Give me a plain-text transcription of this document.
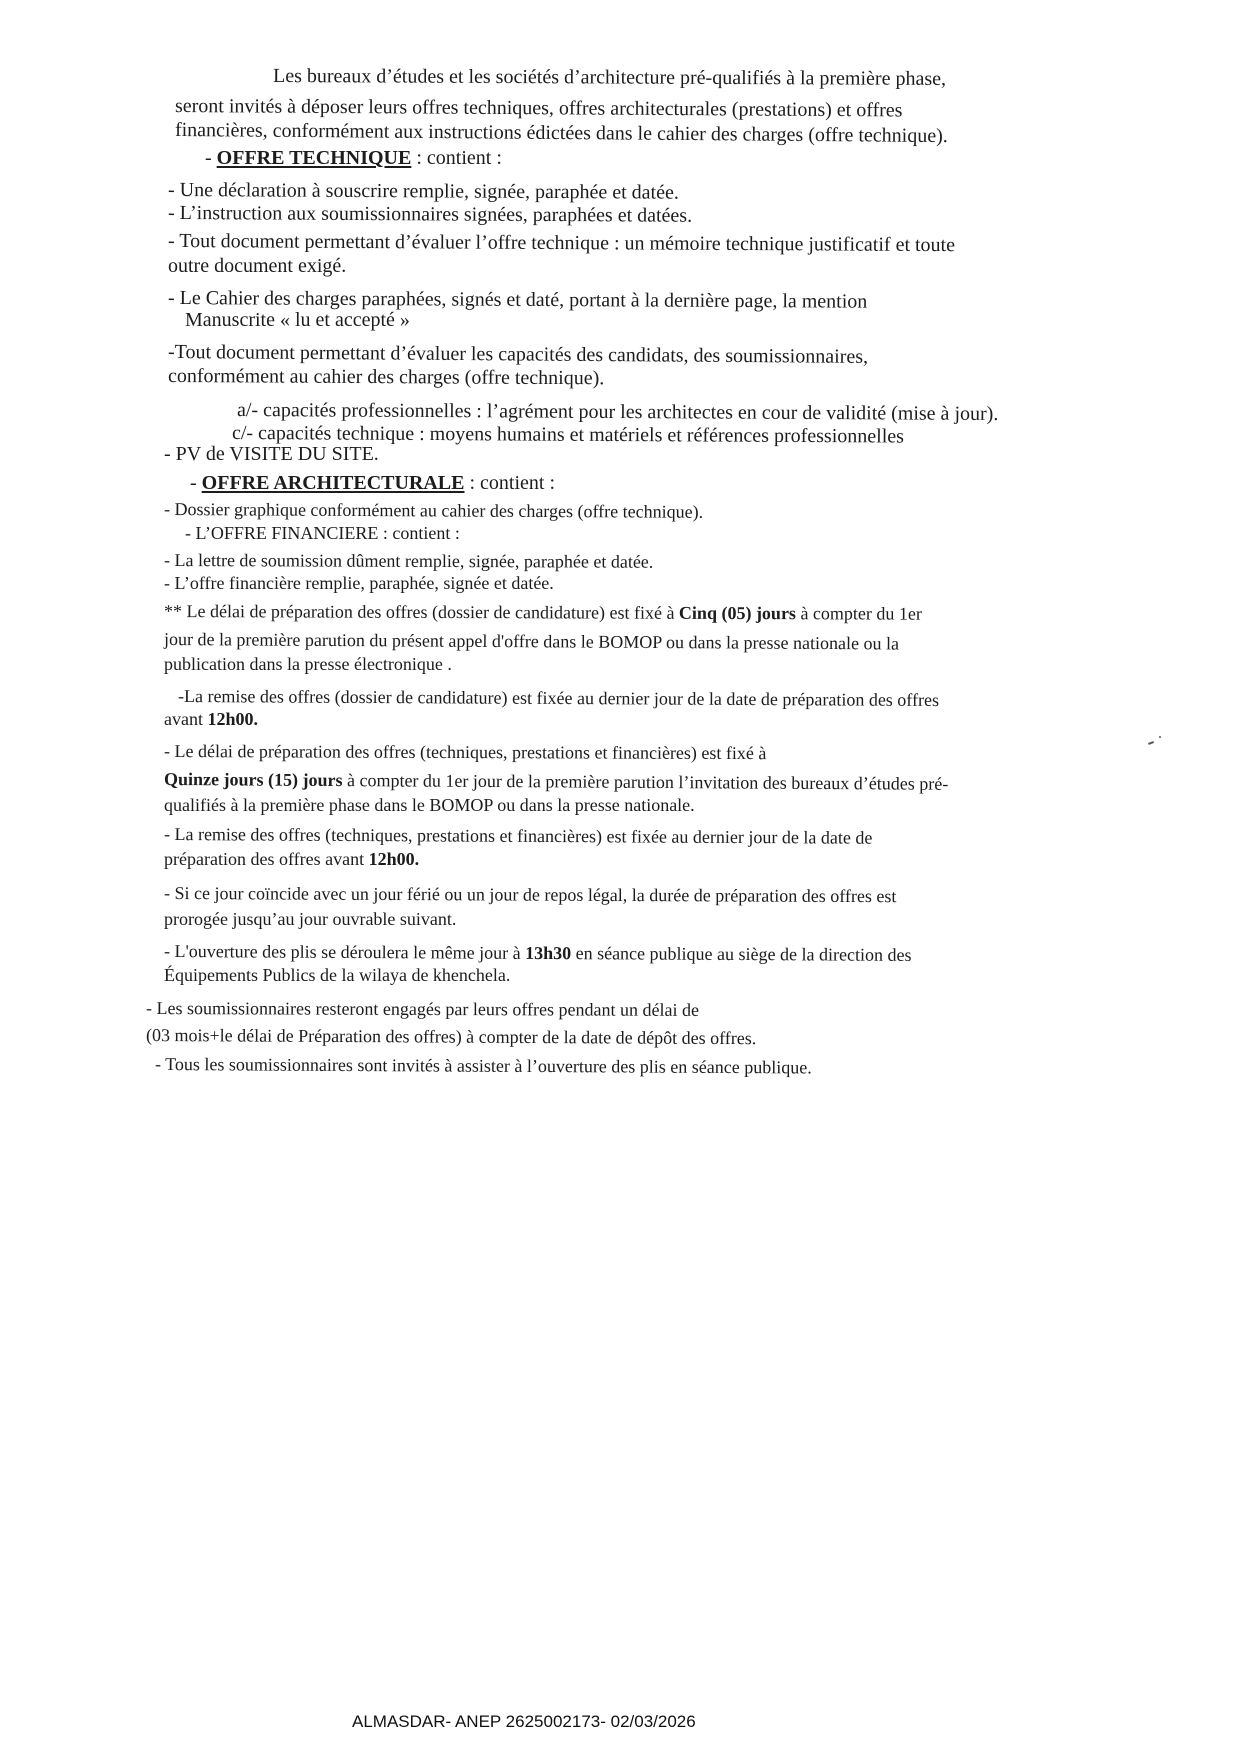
Les bureaux d’études et les sociétés d’architecture pré-qualifiés à la première phase,
seront invités à déposer leurs offres techniques, offres architecturales (prestations) et offres
financières, conformément aux instructions édictées dans le cahier des charges (offre technique).
- OFFRE TECHNIQUE : contient :
- Une déclaration à souscrire remplie, signée, paraphée et datée.
- L’instruction aux soumissionnaires signées, paraphées et datées.
- Tout document permettant d’évaluer l’offre technique : un mémoire technique justificatif et toute
outre document exigé.
- Le Cahier des charges paraphées, signés et daté, portant à la dernière page, la mention
Manuscrite « lu et accepté »
-Tout document permettant d’évaluer les capacités des candidats, des soumissionnaires,
conformément au cahier des charges (offre technique).
a/- capacités professionnelles : l’agrément pour les architectes en cour de validité (mise à jour).
c/- capacités technique : moyens humains et matériels et références professionnelles
- PV de VISITE DU SITE.
- OFFRE ARCHITECTURALE : contient :
- Dossier graphique conformément au cahier des charges (offre technique).
- L’OFFRE FINANCIERE : contient :
- La lettre de soumission dûment remplie, signée, paraphée et datée.
- L’offre financière remplie, paraphée, signée et datée.
** Le délai de préparation des offres (dossier de candidature) est fixé à Cinq (05) jours à compter du 1er
jour de la première parution du présent appel d'offre dans le BOMOP ou dans la presse nationale ou la
publication dans la presse électronique .
-La remise des offres (dossier de candidature) est fixée au dernier jour de la date de préparation des offres
avant 12h00.
- Le délai de préparation des offres (techniques, prestations et financières) est fixé à
Quinze jours (15) jours à compter du 1er jour de la première parution l’invitation des bureaux d’études pré-
qualifiés à la première phase dans le BOMOP ou dans la presse nationale.
- La remise des offres (techniques, prestations et financières) est fixée au dernier jour de la date de
préparation des offres avant 12h00.
- Si ce jour coïncide avec un jour férié ou un jour de repos légal, la durée de préparation des offres est
prorogée jusqu’au jour ouvrable suivant.
- L'ouverture des plis se déroulera le même jour à 13h30 en séance publique au siège de la direction des
Équipements Publics de la wilaya de khenchela.
- Les soumissionnaires resteront engagés par leurs offres pendant un délai de
(03 mois+le délai de Préparation des offres) à compter de la date de dépôt des offres.
- Tous les soumissionnaires sont invités à assister à l’ouverture des plis en séance publique.
ALMASDAR- ANEP 2625002173- 02/03/2026
